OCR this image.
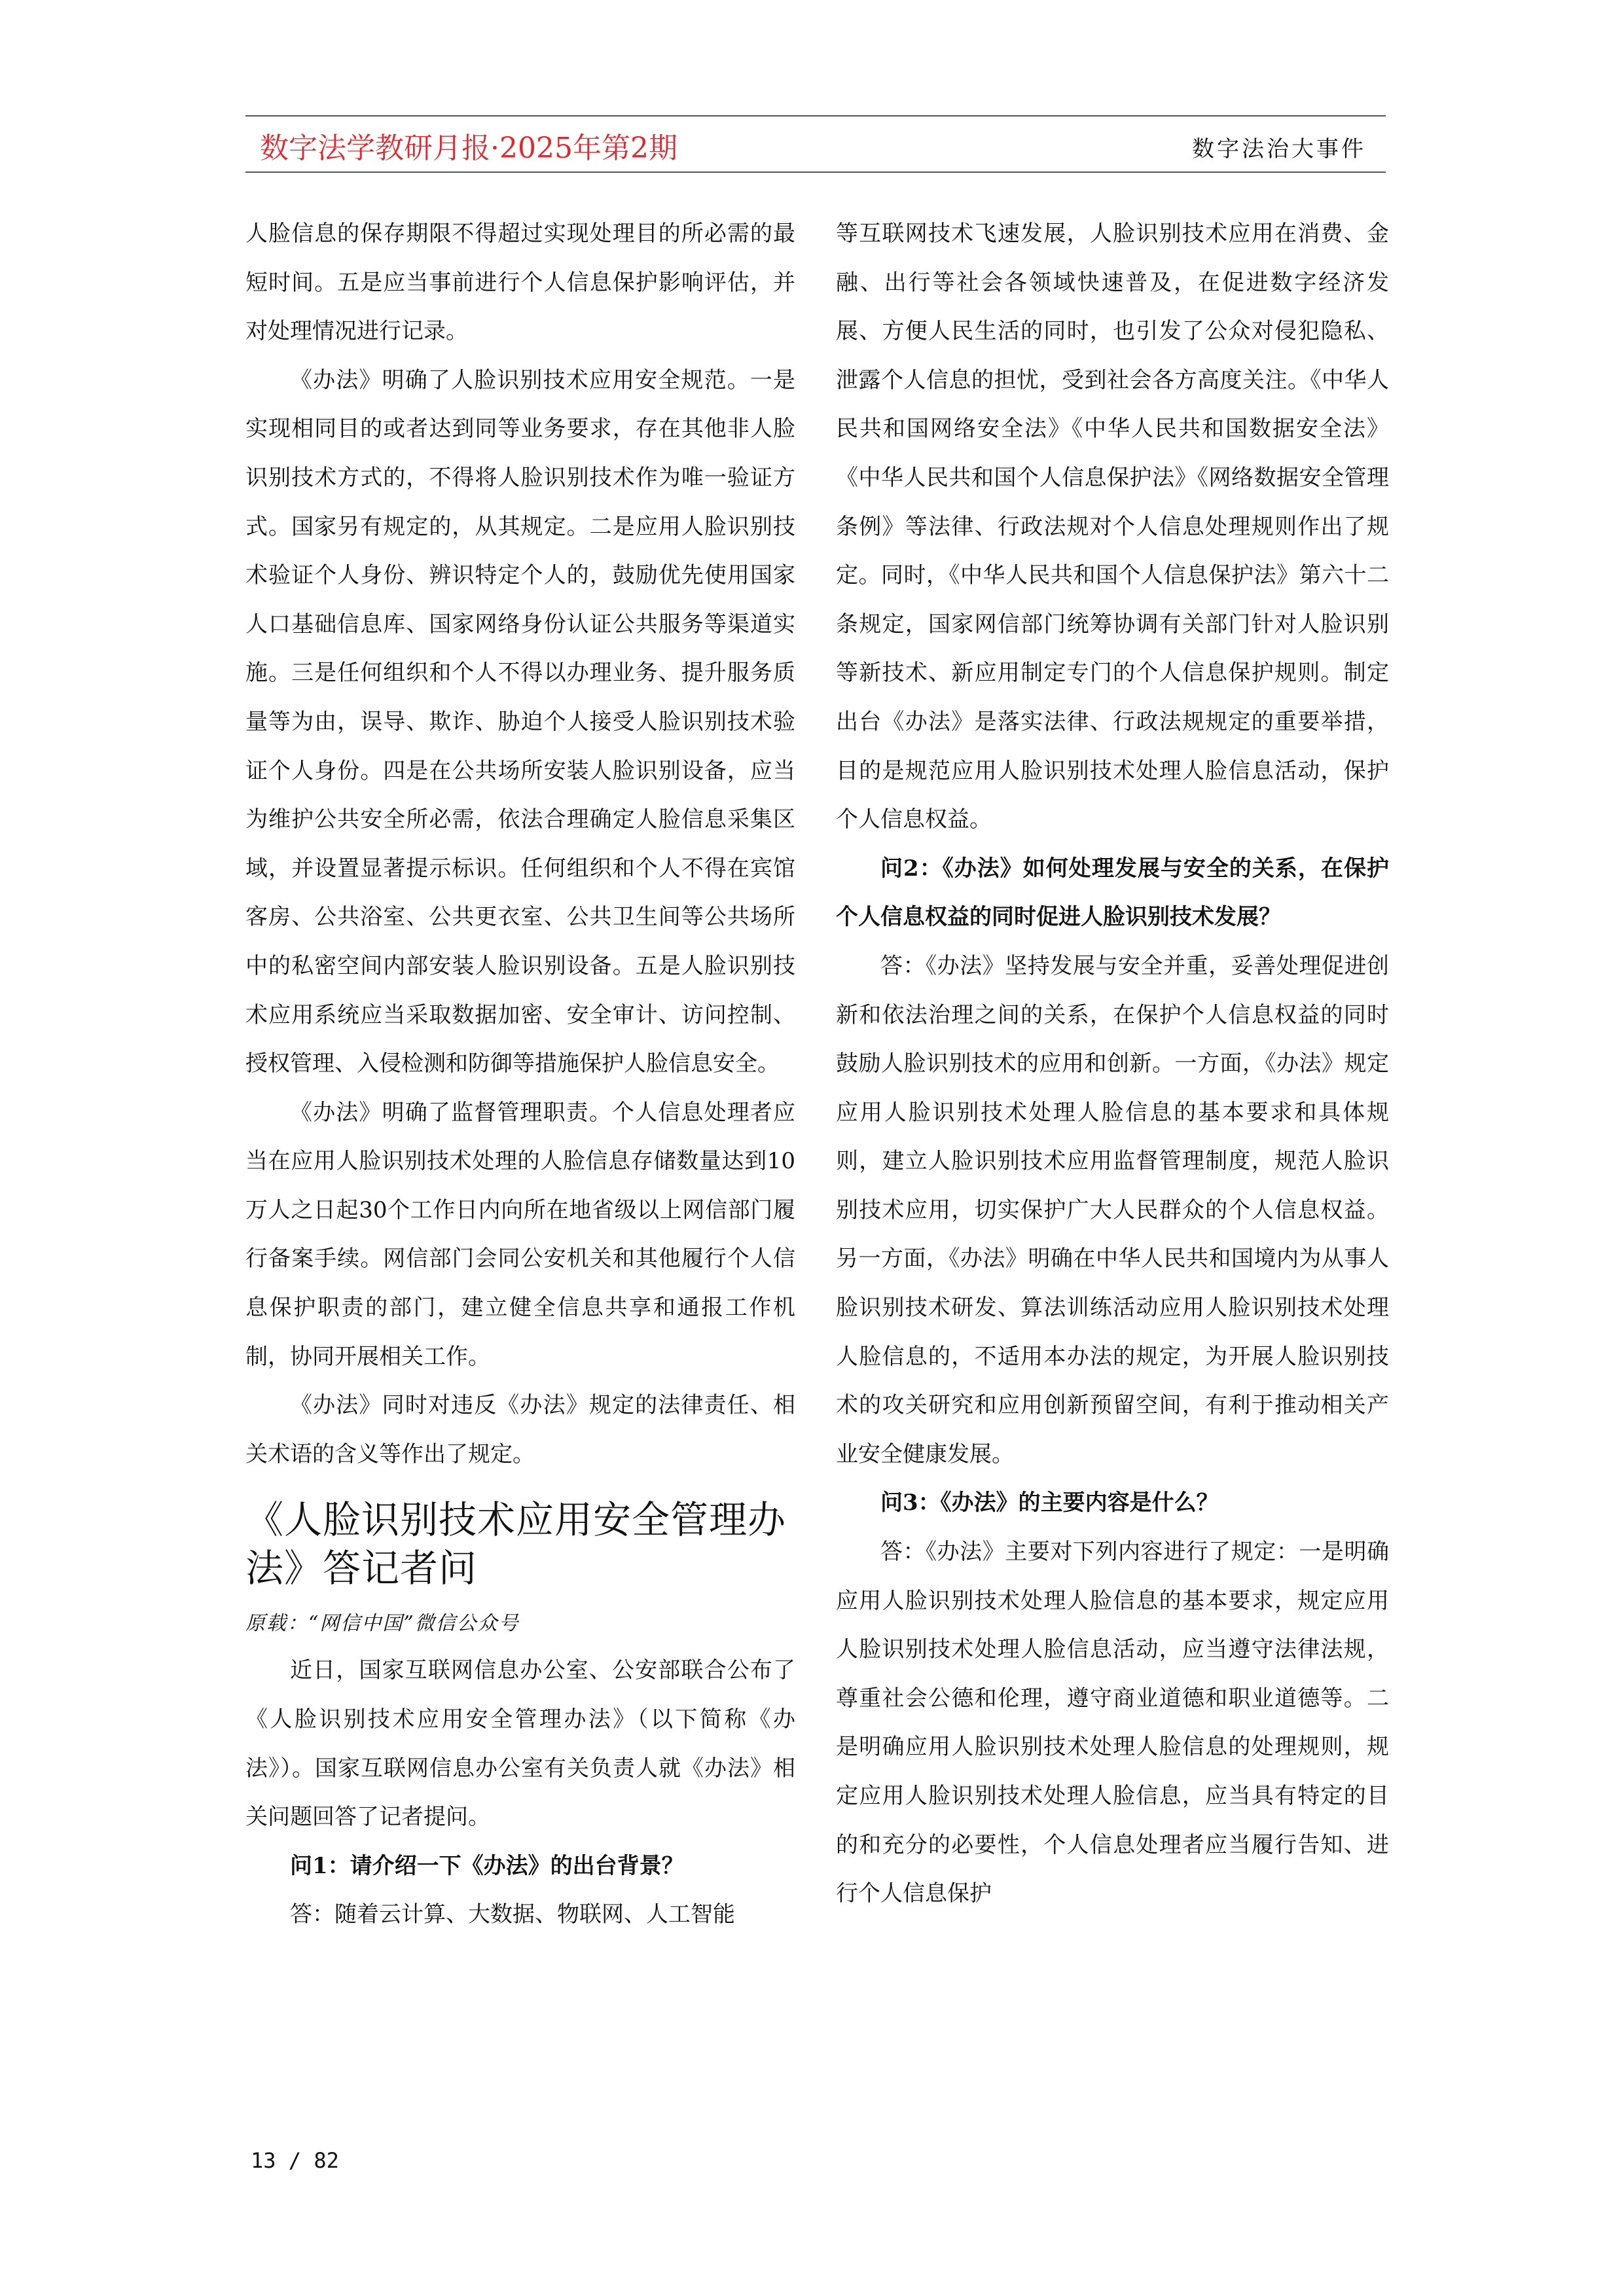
数字法学教研月报·2025年第2期	数字法治大事件

人脸信息的保存期限不得超过实现处理目的所必需的最短时间。五是应当事前进行个人信息保护影响评估，并对处理情况进行记录。

《办法》明确了人脸识别技术应用安全规范。一是实现相同目的或者达到同等业务要求，存在其他非人脸识别技术方式的，不得将人脸识别技术作为唯一验证方式。国家另有规定的，从其规定。二是应用人脸识别技术验证个人身份、辨识特定个人的，鼓励优先使用国家人口基础信息库、国家网络身份认证公共服务等渠道实施。三是任何组织和个人不得以办理业务、提升服务质量等为由，误导、欺诈、胁迫个人接受人脸识别技术验证个人身份。四是在公共场所安装人脸识别设备，应当为维护公共安全所必需，依法合理确定人脸信息采集区域，并设置显著提示标识。任何组织和个人不得在宾馆客房、公共浴室、公共更衣室、公共卫生间等公共场所中的私密空间内部安装人脸识别设备。五是人脸识别技术应用系统应当采取数据加密、安全审计、访问控制、授权管理、入侵检测和防御等措施保护人脸信息安全。

《办法》明确了监督管理职责。个人信息处理者应当在应用人脸识别技术处理的人脸信息存储数量达到10万人之日起30个工作日内向所在地省级以上网信部门履行备案手续。网信部门会同公安机关和其他履行个人信息保护职责的部门，建立健全信息共享和通报工作机制，协同开展相关工作。

《办法》同时对违反《办法》规定的法律责任、相关术语的含义等作出了规定。

《人脸识别技术应用安全管理办法》答记者问

原载：“网信中国”微信公众号

近日，国家互联网信息办公室、公安部联合公布了《人脸识别技术应用安全管理办法》（以下简称《办法》）。国家互联网信息办公室有关负责人就《办法》相关问题回答了记者提问。

问1：请介绍一下《办法》的出台背景？

答：随着云计算、大数据、物联网、人工智能

等互联网技术飞速发展，人脸识别技术应用在消费、金融、出行等社会各领域快速普及，在促进数字经济发展、方便人民生活的同时，也引发了公众对侵犯隐私、泄露个人信息的担忧，受到社会各方高度关注。《中华人民共和国网络安全法》《中华人民共和国数据安全法》《中华人民共和国个人信息保护法》《网络数据安全管理条例》等法律、行政法规对个人信息处理规则作出了规定。同时，《中华人民共和国个人信息保护法》第六十二条规定，国家网信部门统筹协调有关部门针对人脸识别等新技术、新应用制定专门的个人信息保护规则。制定出台《办法》是落实法律、行政法规规定的重要举措，目的是规范应用人脸识别技术处理人脸信息活动，保护个人信息权益。

问2：《办法》如何处理发展与安全的关系，在保护个人信息权益的同时促进人脸识别技术发展？

答：《办法》坚持发展与安全并重，妥善处理促进创新和依法治理之间的关系，在保护个人信息权益的同时鼓励人脸识别技术的应用和创新。一方面，《办法》规定应用人脸识别技术处理人脸信息的基本要求和具体规则，建立人脸识别技术应用监督管理制度，规范人脸识别技术应用，切实保护广大人民群众的个人信息权益。另一方面，《办法》明确在中华人民共和国境内为从事人脸识别技术研发、算法训练活动应用人脸识别技术处理人脸信息的，不适用本办法的规定，为开展人脸识别技术的攻关研究和应用创新预留空间，有利于推动相关产业安全健康发展。

问3：《办法》的主要内容是什么？

答：《办法》主要对下列内容进行了规定：一是明确应用人脸识别技术处理人脸信息的基本要求，规定应用人脸识别技术处理人脸信息活动，应当遵守法律法规，尊重社会公德和伦理，遵守商业道德和职业道德等。二是明确应用人脸识别技术处理人脸信息的处理规则，规定应用人脸识别技术处理人脸信息，应当具有特定的目的和充分的必要性，个人信息处理者应当履行告知、进行个人信息保护

13 / 82
